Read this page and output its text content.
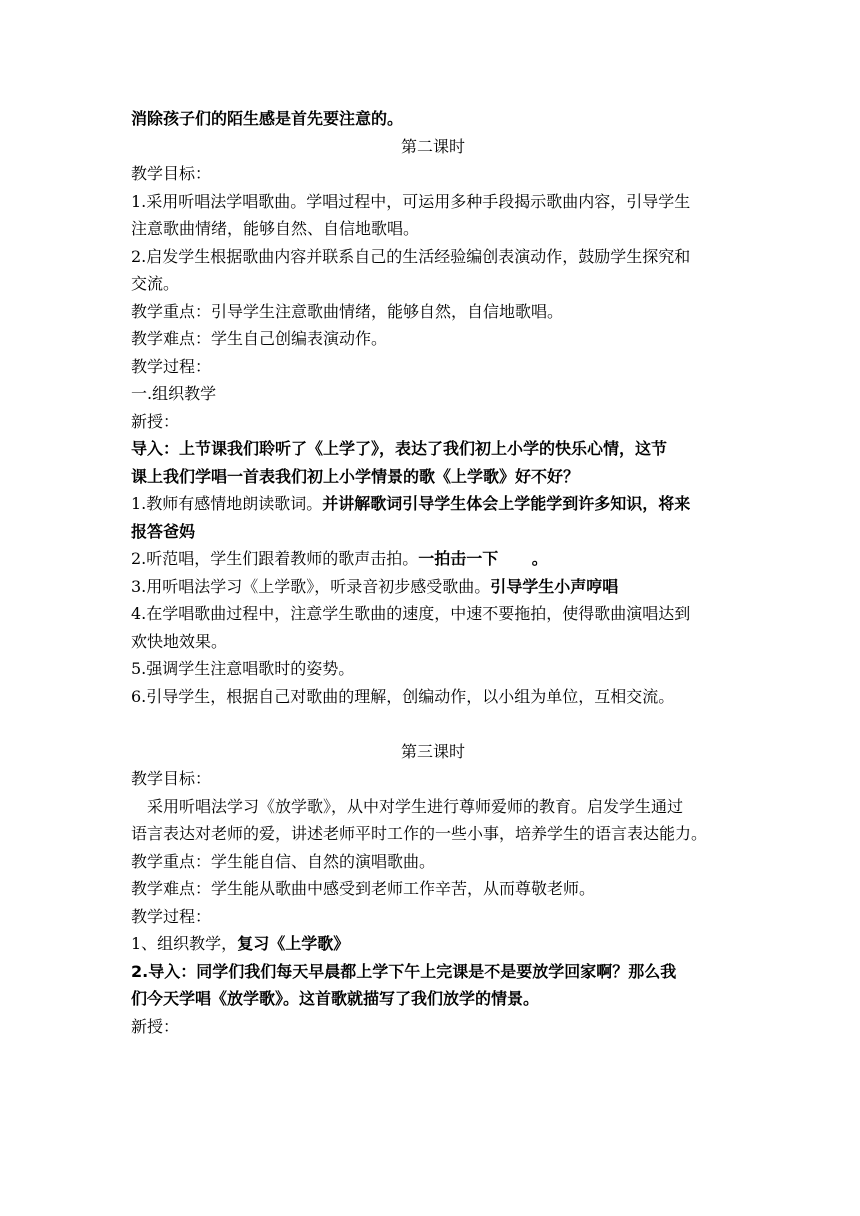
消除孩子们的陌生感是首先要注意的。
第二课时
教学目标：
1.采用听唱法学唱歌曲。学唱过程中，可运用多种手段揭示歌曲内容，引导学生
注意歌曲情绪，能够自然、自信地歌唱。
2.启发学生根据歌曲内容并联系自己的生活经验编创表演动作，鼓励学生探究和
交流。
教学重点：引导学生注意歌曲情绪，能够自然，自信地歌唱。
教学难点：学生自己创编表演动作。
教学过程：
一.组织教学
新授：
导入：上节课我们聆听了《上学了》，表达了我们初上小学的快乐心情，这节
课上我们学唱一首表我们初上小学情景的歌《上学歌》好不好？
1.教师有感情地朗读歌词。并讲解歌词引导学生体会上学能学到许多知识，将来
报答爸妈
2.听范唱，学生们跟着教师的歌声击拍。一拍击一下      。
3.用听唱法学习《上学歌》，听录音初步感受歌曲。引导学生小声哼唱
4.在学唱歌曲过程中，注意学生歌曲的速度，中速不要拖拍，使得歌曲演唱达到
欢快地效果。
5.强调学生注意唱歌时的姿势。
6.引导学生，根据自己对歌曲的理解，创编动作，以小组为单位，互相交流。
第三课时
教学目标：
采用听唱法学习《放学歌》，从中对学生进行尊师爱师的教育。启发学生通过
语言表达对老师的爱，讲述老师平时工作的一些小事，培养学生的语言表达能力。
教学重点：学生能自信、自然的演唱歌曲。
教学难点：学生能从歌曲中感受到老师工作辛苦，从而尊敬老师。
教学过程：
1、组织教学，复习《上学歌》
2.导入：同学们我们每天早晨都上学下午上完课是不是要放学回家啊？那么我
们今天学唱《放学歌》。这首歌就描写了我们放学的情景。
新授：
